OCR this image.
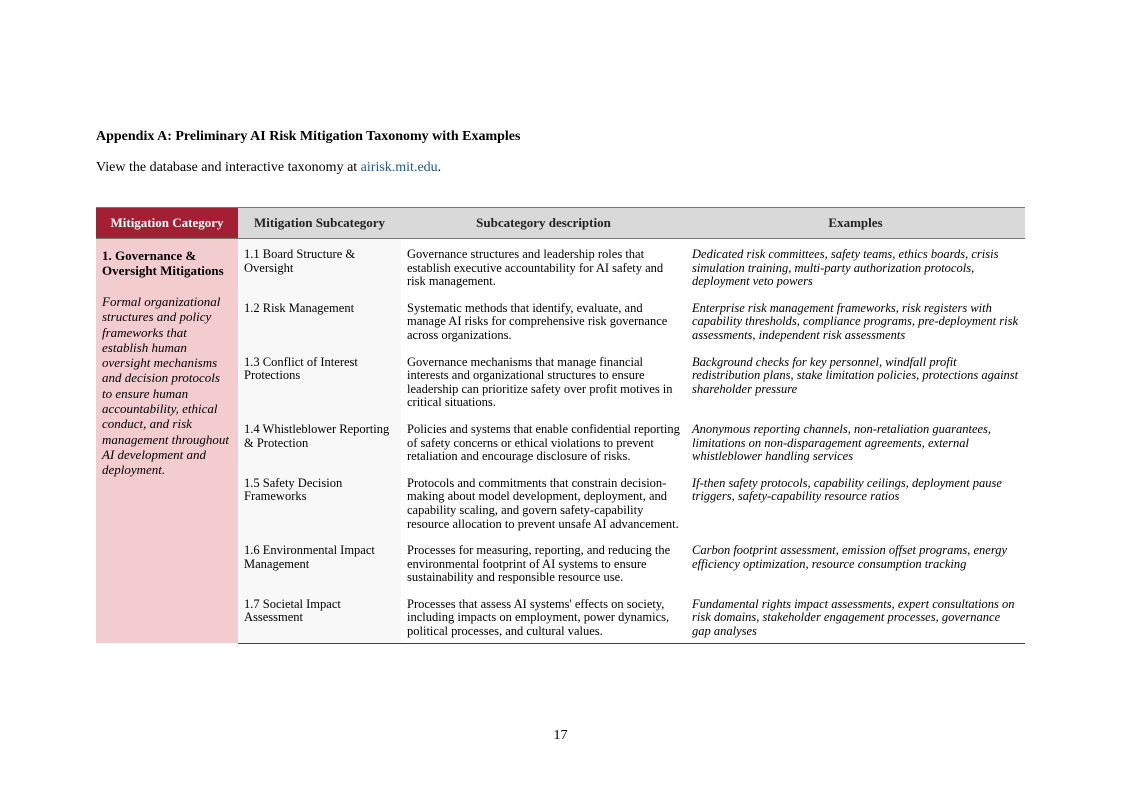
Appendix A: Preliminary AI Risk Mitigation Taxonomy with Examples

View the database and interactive taxonomy at airisk.mit.edu.

Mitigation Category	Mitigation Subcategory	Subcategory description	Examples

1. Governance & Oversight Mitigations
Formal organizational structures and policy frameworks that establish human oversight mechanisms and decision protocols to ensure human accountability, ethical conduct, and risk management throughout AI development and deployment.	1.1 Board Structure & Oversight	Governance structures and leadership roles that establish executive accountability for AI safety and risk management.	Dedicated risk committees, safety teams, ethics boards, crisis simulation training, multi-party authorization protocols, deployment veto powers
	1.2 Risk Management	Systematic methods that identify, evaluate, and manage AI risks for comprehensive risk governance across organizations.	Enterprise risk management frameworks, risk registers with capability thresholds, compliance programs, pre-deployment risk assessments, independent risk assessments
	1.3 Conflict of Interest Protections	Governance mechanisms that manage financial interests and organizational structures to ensure leadership can prioritize safety over profit motives in critical situations.	Background checks for key personnel, windfall profit redistribution plans, stake limitation policies, protections against shareholder pressure
	1.4 Whistleblower Reporting & Protection	Policies and systems that enable confidential reporting of safety concerns or ethical violations to prevent retaliation and encourage disclosure of risks.	Anonymous reporting channels, non-retaliation guarantees, limitations on non-disparagement agreements, external whistleblower handling services
	1.5 Safety Decision Frameworks	Protocols and commitments that constrain decision-making about model development, deployment, and capability scaling, and govern safety-capability resource allocation to prevent unsafe AI advancement.	If-then safety protocols, capability ceilings, deployment pause triggers, safety-capability resource ratios
	1.6 Environmental Impact Management	Processes for measuring, reporting, and reducing the environmental footprint of AI systems to ensure sustainability and responsible resource use.	Carbon footprint assessment, emission offset programs, energy efficiency optimization, resource consumption tracking
	1.7 Societal Impact Assessment	Processes that assess AI systems' effects on society, including impacts on employment, power dynamics, political processes, and cultural values.	Fundamental rights impact assessments, expert consultations on risk domains, stakeholder engagement processes, governance gap analyses
17
